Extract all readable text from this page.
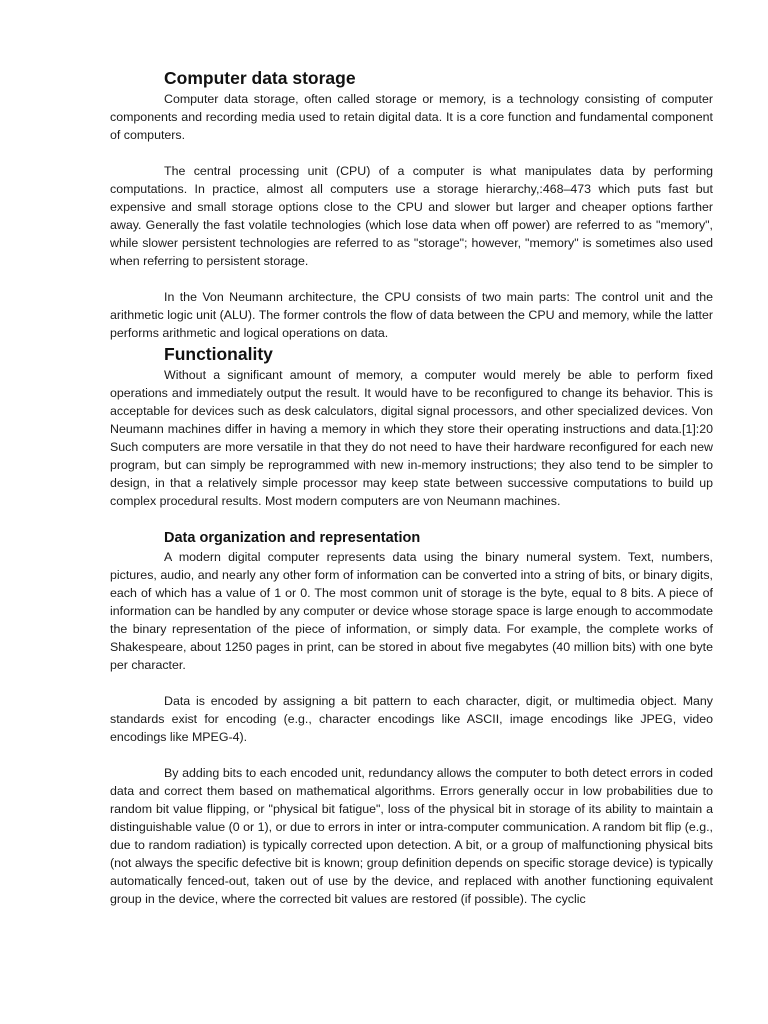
Computer data storage

Computer data storage, often called storage or memory, is a technology consisting of computer components and recording media used to retain digital data. It is a core function and fundamental component of computers.

The central processing unit (CPU) of a computer is what manipulates data by performing computations. In practice, almost all computers use a storage hierarchy,:468–473 which puts fast but expensive and small storage options close to the CPU and slower but larger and cheaper options farther away. Generally the fast volatile technologies (which lose data when off power) are referred to as "memory", while slower persistent technologies are referred to as "storage"; however, "memory" is sometimes also used when referring to persistent storage.

In the Von Neumann architecture, the CPU consists of two main parts: The control unit and the arithmetic logic unit (ALU). The former controls the flow of data between the CPU and memory, while the latter performs arithmetic and logical operations on data.

Functionality

Without a significant amount of memory, a computer would merely be able to perform fixed operations and immediately output the result. It would have to be reconfigured to change its behavior. This is acceptable for devices such as desk calculators, digital signal processors, and other specialized devices. Von Neumann machines differ in having a memory in which they store their operating instructions and data.[1]:20 Such computers are more versatile in that they do not need to have their hardware reconfigured for each new program, but can simply be reprogrammed with new in-memory instructions; they also tend to be simpler to design, in that a relatively simple processor may keep state between successive computations to build up complex procedural results. Most modern computers are von Neumann machines.

Data organization and representation

A modern digital computer represents data using the binary numeral system. Text, numbers, pictures, audio, and nearly any other form of information can be converted into a string of bits, or binary digits, each of which has a value of 1 or 0. The most common unit of storage is the byte, equal to 8 bits. A piece of information can be handled by any computer or device whose storage space is large enough to accommodate the binary representation of the piece of information, or simply data. For example, the complete works of Shakespeare, about 1250 pages in print, can be stored in about five megabytes (40 million bits) with one byte per character.

Data is encoded by assigning a bit pattern to each character, digit, or multimedia object. Many standards exist for encoding (e.g., character encodings like ASCII, image encodings like JPEG, video encodings like MPEG-4).

By adding bits to each encoded unit, redundancy allows the computer to both detect errors in coded data and correct them based on mathematical algorithms. Errors generally occur in low probabilities due to random bit value flipping, or "physical bit fatigue", loss of the physical bit in storage of its ability to maintain a distinguishable value (0 or 1), or due to errors in inter or intra-computer communication. A random bit flip (e.g., due to random radiation) is typically corrected upon detection. A bit, or a group of malfunctioning physical bits (not always the specific defective bit is known; group definition depends on specific storage device) is typically automatically fenced-out, taken out of use by the device, and replaced with another functioning equivalent group in the device, where the corrected bit values are restored (if possible). The cyclic
